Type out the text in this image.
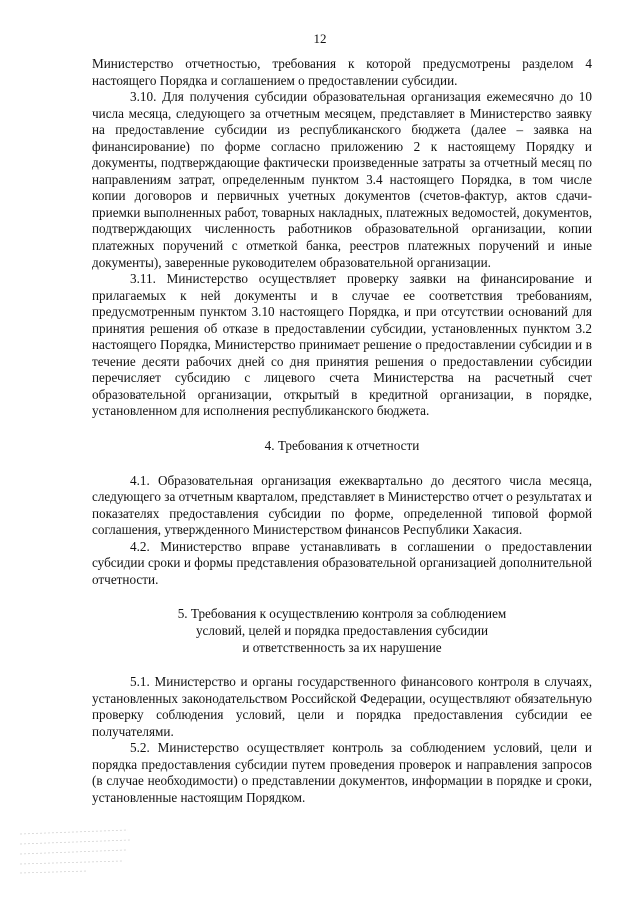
12

Министерство отчетностью, требования к которой предусмотрены разделом 4 настоящего Порядка и соглашением о предоставлении субсидии.

3.10. Для получения субсидии образовательная организация ежемесячно до 10 числа месяца, следующего за отчетным месяцем, представляет в Министерство заявку на предоставление субсидии из республиканского бюджета (далее – заявка на финансирование) по форме согласно приложению 2 к настоящему Порядку и документы, подтверждающие фактически произведенные затраты за отчетный месяц по направлениям затрат, определенным пунктом 3.4 настоящего Порядка, в том числе копии договоров и первичных учетных документов (счетов-фактур, актов сдачи-приемки выполненных работ, товарных накладных, платежных ведомостей, документов, подтверждающих численность работников образовательной организации, копии платежных поручений с отметкой банка, реестров платежных поручений и иные документы), заверенные руководителем образовательной организации.

3.11. Министерство осуществляет проверку заявки на финансирование и прилагаемых к ней документы и в случае ее соответствия требованиям, предусмотренным пунктом 3.10 настоящего Порядка, и при отсутствии оснований для принятия решения об отказе в предоставлении субсидии, установленных пунктом 3.2 настоящего Порядка, Министерство принимает решение о предоставлении субсидии и в течение десяти рабочих дней со дня принятия решения о предоставлении субсидии перечисляет субсидию с лицевого счета Министерства на расчетный счет образовательной организации, открытый в кредитной организации, в порядке, установленном для исполнения республиканского бюджета.

4. Требования к отчетности

4.1. Образовательная организация ежеквартально до десятого числа месяца, следующего за отчетным кварталом, представляет в Министерство отчет о результатах и показателях предоставления субсидии по форме, определенной типовой формой соглашения, утвержденного Министерством финансов Республики Хакасия.

4.2. Министерство вправе устанавливать в соглашении о предоставлении субсидии сроки и формы представления образовательной организацией дополнительной отчетности.

5. Требования к осуществлению контроля за соблюдением
условий, целей и порядка предоставления субсидии
и ответственность за их нарушение

5.1. Министерство и органы государственного финансового контроля в случаях, установленных законодательством Российской Федерации, осуществляют обязательную проверку соблюдения условий, цели и порядка предоставления субсидии ее получателями.

5.2. Министерство осуществляет контроль за соблюдением условий, цели и порядка предоставления субсидии путем проведения проверок и направления запросов (в случае необходимости) о представлении документов, информации в порядке и сроки, установленные настоящим Порядком.
